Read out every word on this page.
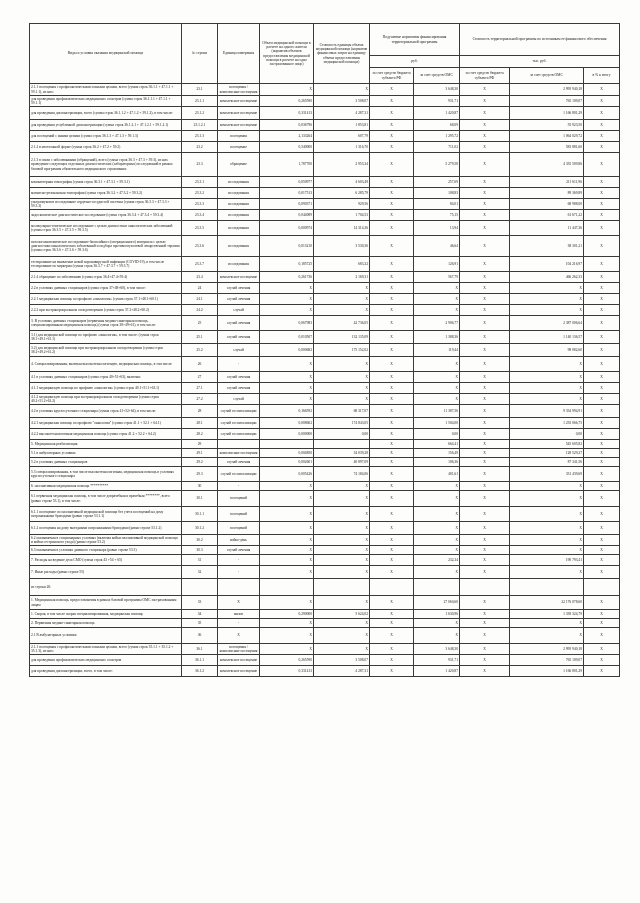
Виды и условия оказания медицинской помощи	№ строки	Единица измерения	Объем медицинской помощи в расчете на одного жителя (норматив объемов предоставления медицинской помощи в расчете на одно застрахованное лицо)	Стоимость единицы объема медицинской помощи (норматив финансовых затрат на единицу объема предоставления медицинской помощи)	Подушевые нормативы финансирования территориальной программы		Стоимость территориальной программы по источникам ее финансового обеспечения		
					руб.		тыс. руб.		
					за счет средств бюджета субъекта РФ	за счет средств ОМС	за счет средств бюджета субъекта РФ	за счет средств ОМС	в % к итогу
2.1.1 посещения с профилактическими и иными целями, всего (сумма строк 36.1.1 + 47.1.1 + 59.1.1), из них:	23.1	посещения / комплексные посещения	X	X	X	3 648,30	X	2 995 940,18	X
для проведения профилактических медицинских осмотров (сумма строк 36.1.1.1 + 47.1.1 + 59.1.1)	23.1.1	комплексное посещение	0,265590	3 508,07	X	931,71	X	765 109,07	X
для проведения диспансеризации, всего (сумма строк 36.1.1.2 + 47.1.2 + 59.1.2), в том числе:	23.1.2	комплексное посещение	0,331413	4 287,31	X	1 420,87	X	1 166 801,29	X
для проведения углубленной диспансеризации (сумма строк 36.1.2.1 + 47.1.2.1 + 59.1.2.1)	23.1.2.1	комплексное посещение	0,036796	1 853,81	X	68,09	X	55 923,50	X
для посещений с иными целями (сумма строк 36.1.3 + 47.1.3 + 59.1.3)	23.1.3	посещения	2,133264	607,79	X	1 295,72	X	1 064 029,72	X
2.1.2 в неотложной форме (сумма строк 36.2 + 47.2 + 59.2)	23.2	посещение	0,540000	1 316,70	X	711,02	X	583 881,60	X
2.1.3 в связи с заболеваниями (обращений), всего (сумма строк 36.3 + 47.3 + 59.3), из них проведение следующих отдельных диагностических (лабораторных) исследований в рамках базовой программы обязательного медицинского страхования:	23.3	обращение	1,787700	2 953,34	X	5 279,58	X	4 335 509,86	X
компьютерная томография (сумма строк 36.3.1 + 47.3.1 + 59.3.1)	23.3.1	исследования	0,050977	4 603,49	X	257,69	X	211 611,96	X
магнитно-резонансная томография (сумма строк 36.3.2 + 47.3.2 + 59.3.2)	23.3.2	исследования	0,017513	6 285,79	X	108,83	X	89 369,89	X
ультразвуковое исследование сердечно-сосудистой системы (сумма строк 36.3.3 + 47.3.3 + 59.3.3)	23.3.3	исследования	0,090371	929,56	X	84,01	X	68 988,00	X
эндоскопическое диагностическое исследование (сумма строк 36.3.4 + 47.3.4 + 59.3.4)	23.3.4	исследования	0,044089	1 704,53	X	75,15	X	61 671,22	X
молекулярно-генетическое исследование с целью диагностики онкологических заболеваний (сумма строк 36.3.5 + 47.3.5 + 59.3.5)	23.3.5	исследования	0,000974	14 314,36	X	13,94	X	11 447,36	X
патологоанатомическое исследование биопсийного (операционного) материала с целью диагностики онкологических заболеваний и подбора противоопухолевой лекарственной терапии (сумма строк 36.3.6 + 47.3.6 + 59.3.6)	23.3.6	исследования	0,013210	3 530,36	X	46,64	X	38 301,21	X
тестирование на выявление новой коронавирусной инфекции (COVID-19), в том числе тестирование по маркерам (сумма строк 36.3.7 + 47.3.7 + 59.3.7)	23.3.7	исследования	0,185725	683,32	X	126,91	X	104 216,97	X
2.1.4 обращение по заболеванию (сумма строк 36.4+47.4+59.4)	23.4	комплексное посещение	0,261736	2 169,31	X	567,79	X	466 262,33	X
2.2 в условиях дневных стационаров (сумма строк 37+48+60), в том числе:	24	случай лечения	X	X	X	X	X	X	X
2.2.1 медицинская помощь по профилю «онкология» (сумма строк 37.1+48.1+60.1)	24.1	случай лечения	X	X	X	X	X	X	X
2.2.2 при экстракорпоральном оплодотворении (сумма строк 37.2+48.2+60.2)	24.2	случай	X	X	X	X	X	X	X
3. В условиях дневных стационаров (первичная медико-санитарная помощь, специализированная медицинская помощь) (сумма строк 38+49+61), в том числе:	25	случай лечения	0,067983	42 736,05	X	2 906,77	X	2 387 006,64	X
3.1) для медицинской помощи по профилю «онкология», в том числе: (сумма строк 38.1+49.1+61.1)	25.1	случай лечения	0,010507	132 135,09	X	1 388,36	X	1 140 136,57	X
3.2) для медицинской помощи при экстракорпоральном оплодотворении (сумма строк 38.2+49.2+61.2)	25.2	случай	0,000682	175 152,02	X	119,44	X	98 082,60	X
4. Специализированная, включая высокотехнологичную, медицинская помощь, в том числе:	26	-	X	X	X	X	X	X	X
4.1 в условиях дневных стационаров (сумма строк 40+51+63), включая:	27	случай лечения	X	X	X	X	X	X	X
4.1.1 медицинскую помощь по профилю «онкология» (сумма строк 40.1+51.1+63.1)	27.1	случай лечения	X	X	X	X	X	X	X
4.1.2 медицинскую помощь при экстракорпоральном оплодотворении (сумма строк 40.2+51.2+63.2)	27.2	случай	X	X	X	X	X	X	X
4.2 в условиях круглосуточного стационара (сумма строк 41+52+64), в том числе:	28	случай госпитализации	0,166592	68 317,07	X	11 387,56	X	9 334 994,91	X
4.2.1 медицинская помощь по профилю "онкология" (сумма строк 41.1 + 52.1 + 64.1)	28.1	случай госпитализации	0,008602	174 843,05	X	1 504,00	X	1 235 066,75	X
4.2.2 высокотехнологичная медицинская помощь (сумма строк 41.2 + 52.2 + 64.2)	28.2	случай госпитализации	0,000000	0,00	X	0,00	X	0,00	X
5. Медицинская реабилитация	29				X	664,41	X	545 605,82	X
5.1 в амбулаторных условиях	29.1	комплексные посещения	0,004850	34 039,28	X	156,49	X	128 529,27	X
5.2 в условиях дневных стационаров	29.2	случай лечения	0,002601	40 897,09	X	106,36	X	87 341,56	X
5.3 специализированная, в том числе высокотехнологичная, медицинская помощь в условиях круглосуточного стационара	29.3	случай госпитализации	0,005426	74 184,06	X	401,61	X	331 439,69	X
6. паллиативная медицинская помощь **********	30	-	X	X	X	X	X	X	X
6.1 первичная медицинская помощь, в том числе доврачебная и врачебная ********, всего (равно строке 53.1), в том числе:	30.1	посещений	X	X	X	X	X	X	X
6.1.1 посещение по паллиативной медицинской помощи без учета посещений на дому патронажными бригадами (равно строке 53.1.1)	30.1.1	посещений	X	X	X	X	X	X	X
6.1.2 посещения на дому выездными патронажными бригадами (равно строке 53.1.2)	30.1.2	посещений	X	X	X	X	X	X	X
6.2 оказываемая в стационарных условиях (включая койки паллиативной медицинской помощи и койки сестринского ухода) (равно строке 53.2)	30.2	койко-день	X	X	X	X	X	X	X
6.3 оказываемая в условиях дневного стационара (равно строке 53.3)	30.3	случай лечения	X	X	X	X	X	X	X
7. Расходы на ведение дела СМО (сумма строк 43 +54 + 65)	31	-	X	X	X	232,34	X	190 793,41	X
7. Иные расходы (равно строке 55)	32	-	X	X	X	X	X	X	X
из строки 20:									
1. Медицинская помощь, предоставляемая в рамках базовой программы ОМС застрахованным лицам	33	X	X	X	X	27 060,60	X	22 176 078,60	X
1. Скорая, в том числе скорая специализированная, медицинская помощь	34	вызов	0,290000	5 624,02	X	1 630,96	X	1 339 324,79	X
2. Первичная медико-санитарная помощь	35	-	X	X	X	X	X	X	X
2.1 В амбулаторных условиях:	36	X	X	X	X	X	X	X	X
2.1.1 посещения с профилактическими и иными целями, всего (сумма строк 35.1.1 + 35.1.2 + 35.1.3), из них:	36.1	посещения / комплексные посещения	X	X	X	3 648,30	X	2 995 940,18	X
для проведения профилактических медицинских осмотров	36.1.1	комплексное посещение	0,265590	3 508,07	X	931,71	X	765 109,07	X
для проведения диспансеризации, всего, в том числе:	36.1.2	комплексное посещение	0,331413	4 287,31	X	1 420,87	X	1 166 801,29	X
